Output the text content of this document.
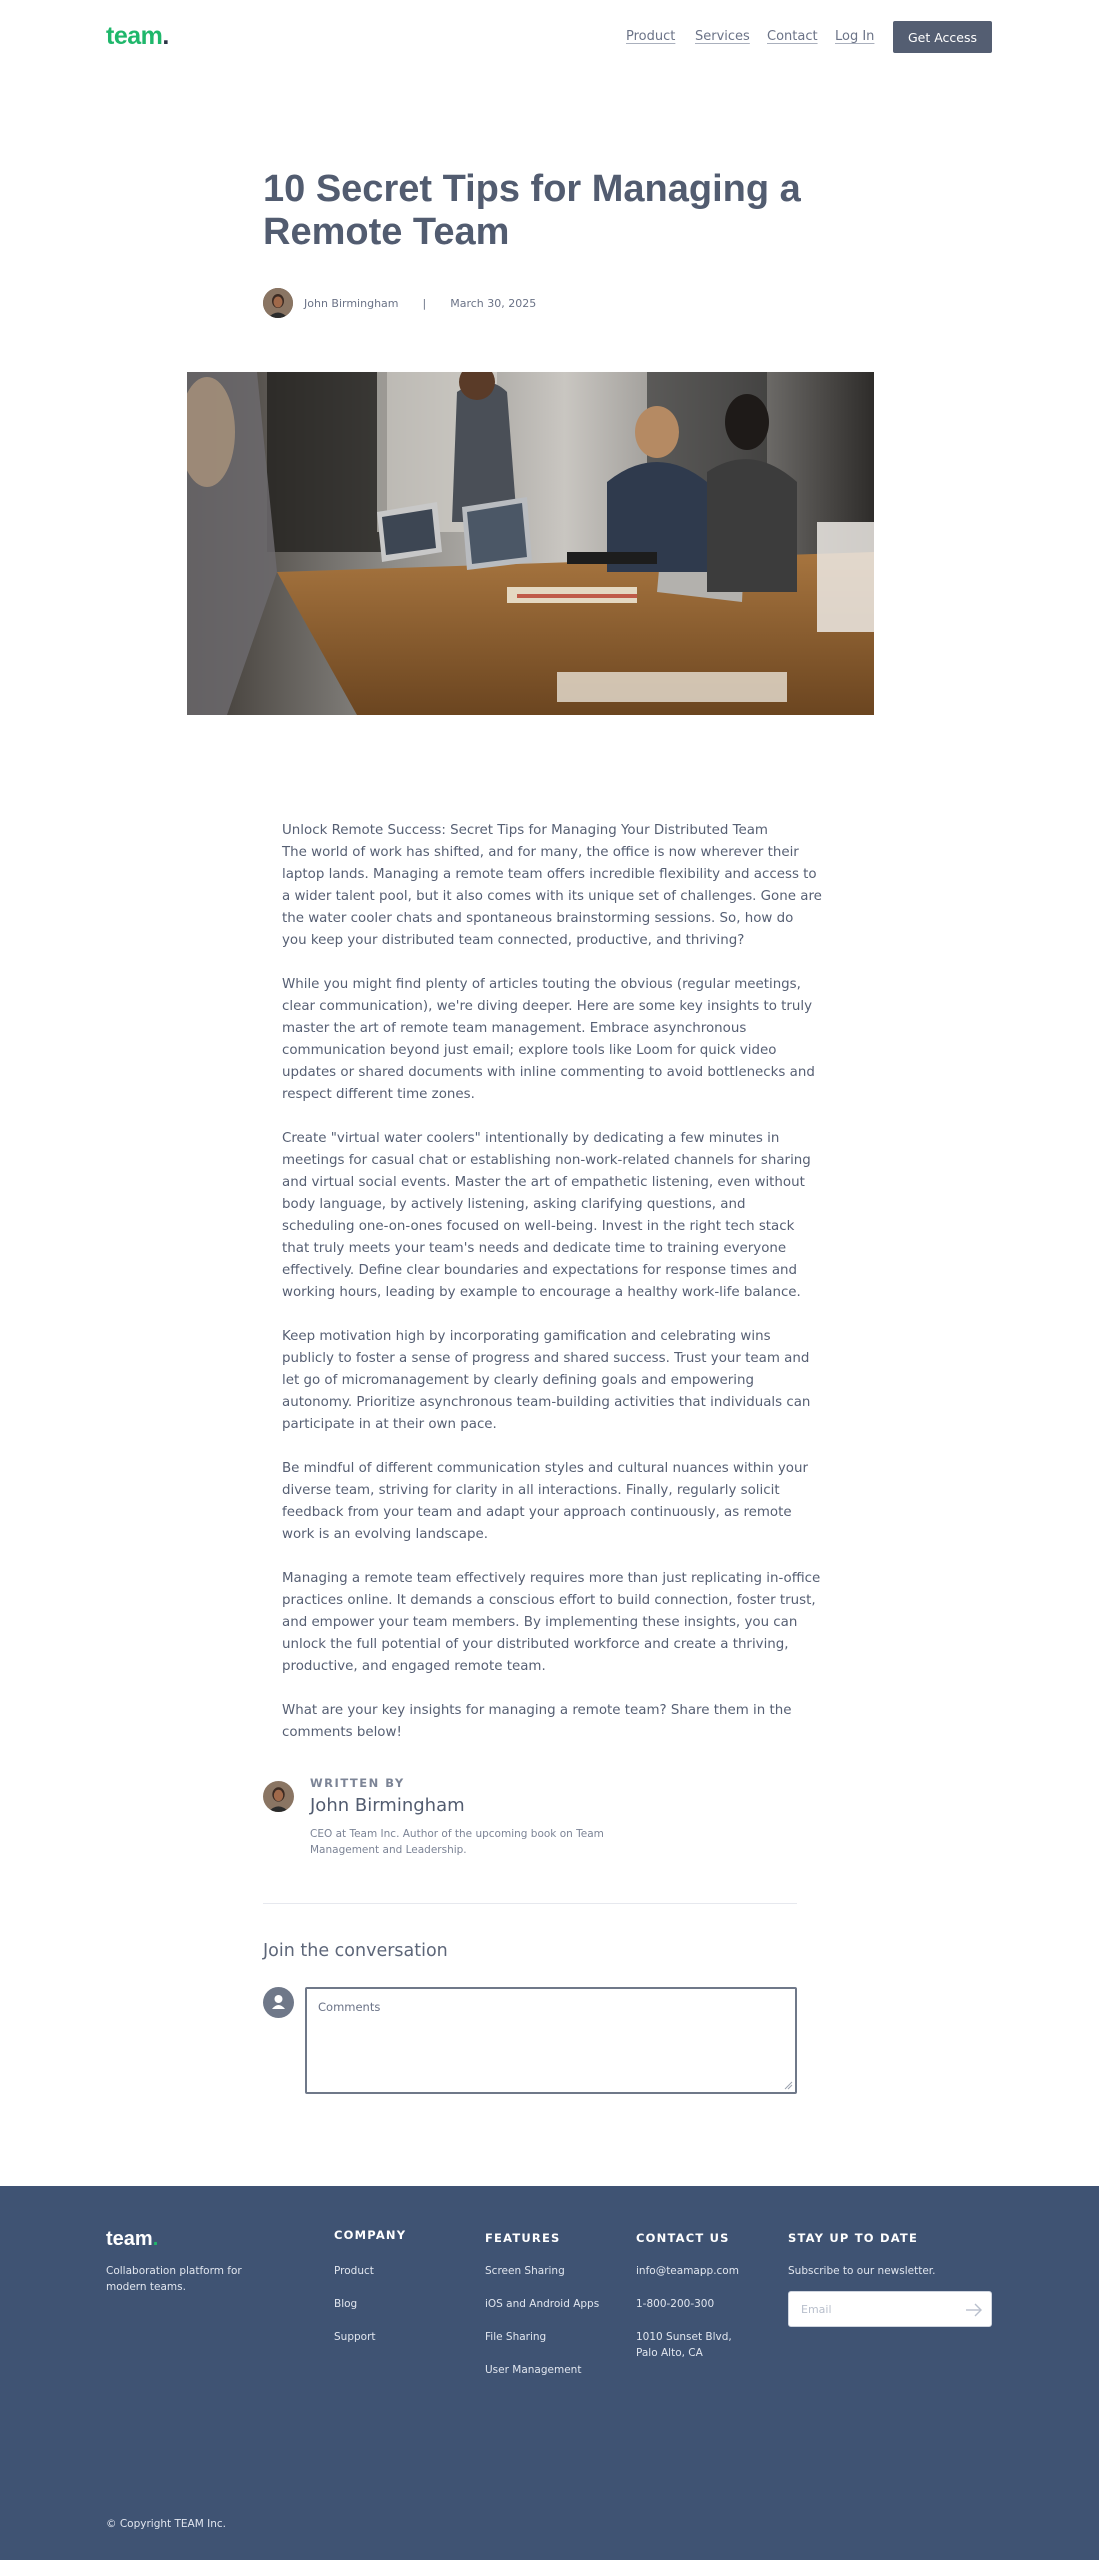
team.	Product Services Contact Log In	Get Access
10 Secret Tips for Managing a Remote Team
John Birmingham | March 30, 2025

Unlock Remote Success: Secret Tips for Managing Your Distributed Team
The world of work has shifted, and for many, the office is now wherever their laptop lands. Managing a remote team offers incredible flexibility and access to a wider talent pool, but it also comes with its unique set of challenges. Gone are the water cooler chats and spontaneous brainstorming sessions. So, how do you keep your distributed team connected, productive, and thriving?

While you might find plenty of articles touting the obvious (regular meetings, clear communication), we're diving deeper. Here are some key insights to truly master the art of remote team management. Embrace asynchronous communication beyond just email; explore tools like Loom for quick video updates or shared documents with inline commenting to avoid bottlenecks and respect different time zones.

Create "virtual water coolers" intentionally by dedicating a few minutes in meetings for casual chat or establishing non-work-related channels for sharing and virtual social events. Master the art of empathetic listening, even without body language, by actively listening, asking clarifying questions, and scheduling one-on-ones focused on well-being. Invest in the right tech stack that truly meets your team's needs and dedicate time to training everyone effectively. Define clear boundaries and expectations for response times and working hours, leading by example to encourage a healthy work-life balance.

Keep motivation high by incorporating gamification and celebrating wins publicly to foster a sense of progress and shared success. Trust your team and let go of micromanagement by clearly defining goals and empowering autonomy. Prioritize asynchronous team-building activities that individuals can participate in at their own pace.

Be mindful of different communication styles and cultural nuances within your diverse team, striving for clarity in all interactions. Finally, regularly solicit feedback from your team and adapt your approach continuously, as remote work is an evolving landscape.

Managing a remote team effectively requires more than just replicating in-office practices online. It demands a conscious effort to build connection, foster trust, and empower your team members. By implementing these insights, you can unlock the full potential of your distributed workforce and create a thriving, productive, and engaged remote team.

What are your key insights for managing a remote team? Share them in the comments below!

WRITTEN BY
John Birmingham
CEO at Team Inc. Author of the upcoming book on Team Management and Leadership.
Join the conversation
Comments
team.
Collaboration platform for modern teams.
COMPANY
Product
Blog
Support
FEATURES
Screen Sharing
iOS and Android Apps
File Sharing
User Management
CONTACT US
info@teamapp.com
1-800-200-300
1010 Sunset Blvd,
Palo Alto, CA
STAY UP TO DATE
Subscribe to our newsletter.
Email
© Copyright TEAM Inc.
